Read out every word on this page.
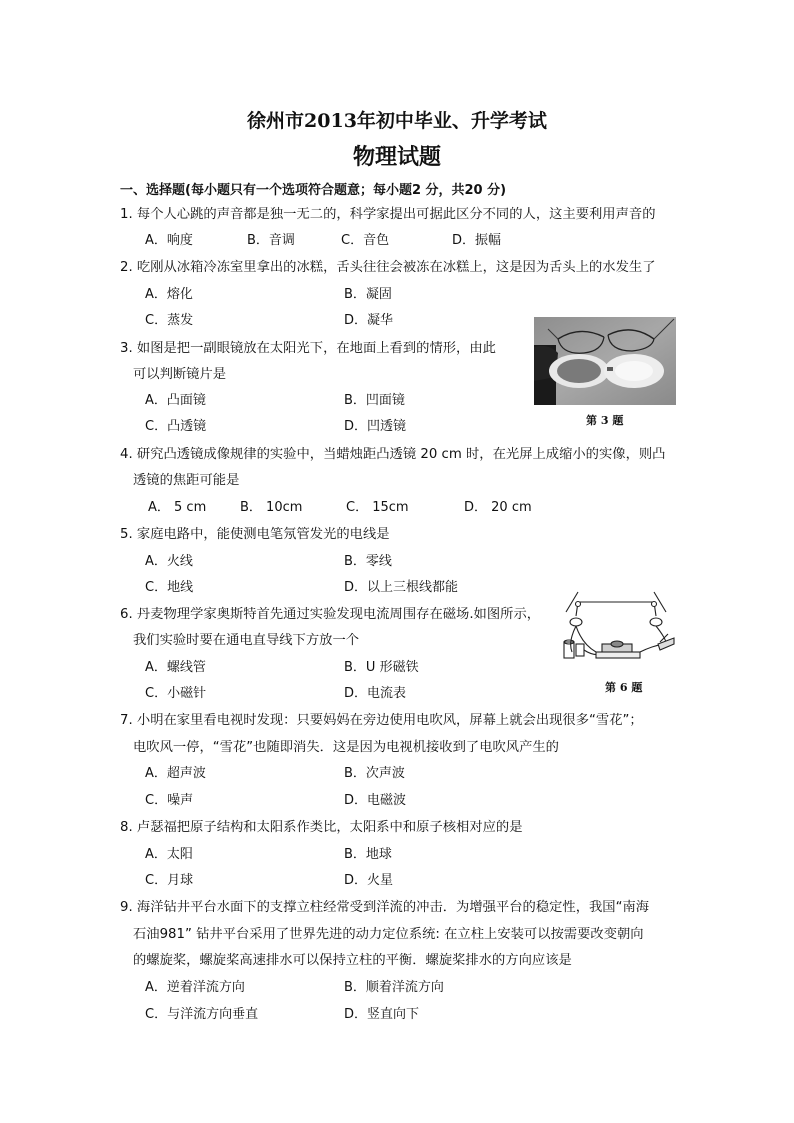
徐州市2013年初中毕业、升学考试
物理试题
一、选择题(每小题只有一个选项符合题意；每小题2 分，共20 分)
1. 每个人心跳的声音都是独一无二的，科学家提出可据此区分不同的人，这主要利用声音的
A．响度	B．音调	C．音色	D．振幅
2. 吃刚从冰箱冷冻室里拿出的冰糕，舌头往往会被冻在冰糕上，这是因为舌头上的水发生了
A．熔化	B．凝固
C．蒸发	D．凝华
3. 如图是把一副眼镜放在太阳光下，在地面上看到的情形，由此
可以判断镜片是
A．凸面镜	B．凹面镜
C．凸透镜	D．凹透镜	第 3 题
4. 研究凸透镜成像规律的实验中，当蜡烛距凸透镜 20 cm 时，在光屏上成缩小的实像，则凸
透镜的焦距可能是
A． 5 cm	B． 10cm	C． 15cm	D． 20 cm
5. 家庭电路中，能使测电笔氖管发光的电线是
A．火线	B．零线
C．地线	D．以上三根线都能
6. 丹麦物理学家奥斯特首先通过实验发现电流周围存在磁场.如图所示，
我们实验时要在通电直导线下方放一个
A．螺线管	B．U 形磁铁
C．小磁针	D．电流表	第 6 题
7. 小明在家里看电视时发现：只要妈妈在旁边使用电吹风，屏幕上就会出现很多“雪花”；
电吹风一停，“雪花”也随即消失．这是因为电视机接收到了电吹风产生的
A．超声波	B．次声波
C．噪声	D．电磁波
8. 卢瑟福把原子结构和太阳系作类比，太阳系中和原子核相对应的是
A．太阳	B．地球
C．月球	D．火星
9. 海洋钻井平台水面下的支撑立柱经常受到洋流的冲击．为增强平台的稳定性，我国“南海
石油981” 钻井平台采用了世界先进的动力定位系统: 在立柱上安装可以按需要改变朝向
的螺旋桨，螺旋桨高速排水可以保持立柱的平衡．螺旋桨排水的方向应该是
A．逆着洋流方向	B．顺着洋流方向
C．与洋流方向垂直	D．竖直向下
